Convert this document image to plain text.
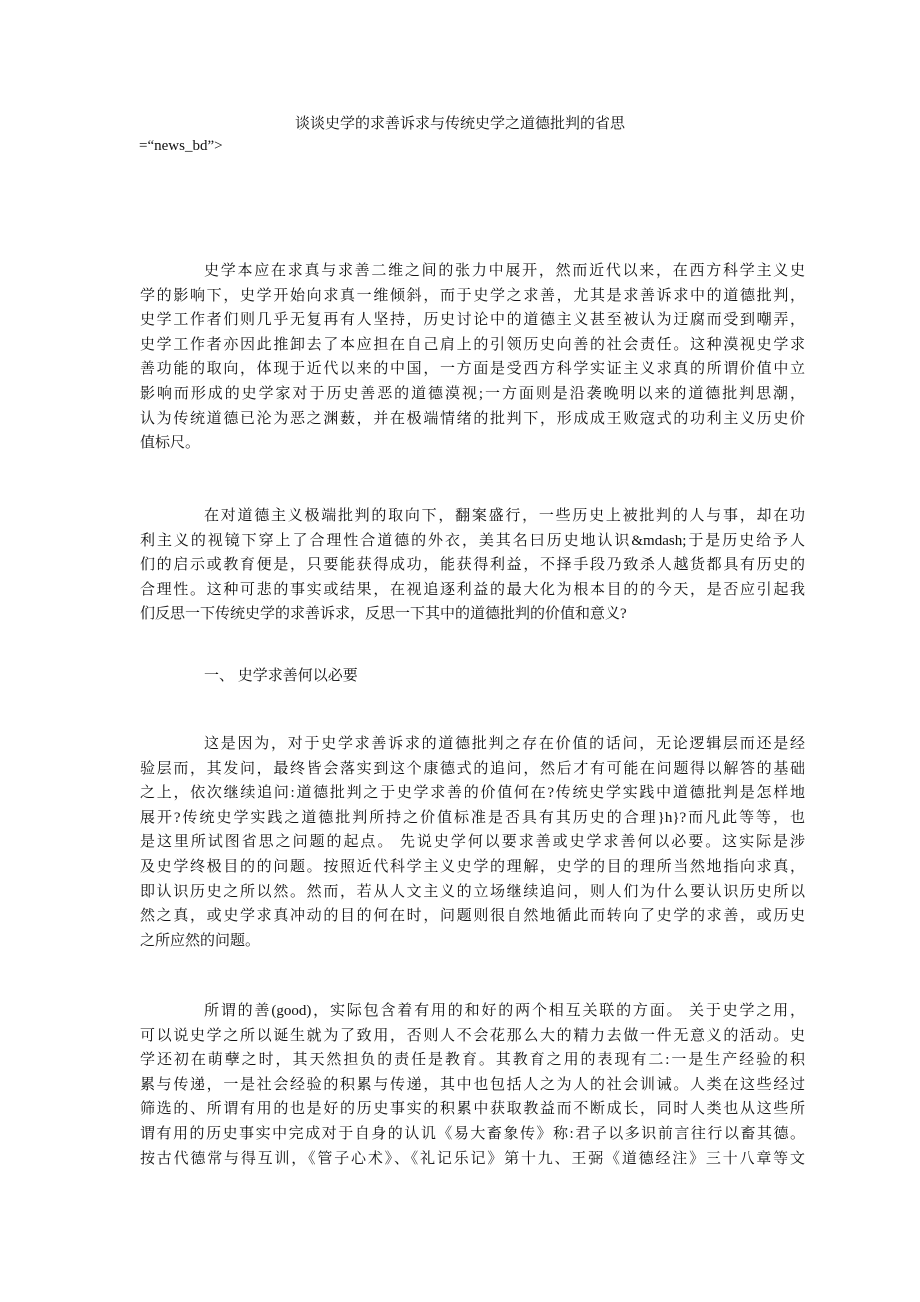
谈谈史学的求善诉求与传统史学之道德批判的省思
=“news_bd”>
史学本应在求真与求善二维之间的张力中展开，然而近代以来，在西方科学主义史
学的影响下，史学开始向求真一维倾斜，而于史学之求善，尤其是求善诉求中的道德批判，
史学工作者们则几乎无复再有人坚持，历史讨论中的道德主义甚至被认为迂腐而受到嘲弄，
史学工作者亦因此推卸去了本应担在自己肩上的引领历史向善的社会责任。这种漠视史学求
善功能的取向，体现于近代以来的中国，一方面是受西方科学实证主义求真的所谓价值中立
影响而形成的史学家对于历史善恶的道德漠视;一方面则是沿袭晚明以来的道德批判思潮，
认为传统道德已沦为恶之渊薮，并在极端情绪的批判下，形成成王败寇式的功利主义历史价
值标尺。
在对道德主义极端批判的取向下，翻案盛行，一些历史上被批判的人与事，却在功
利主义的视镜下穿上了合理性合道德的外衣，美其名曰历史地认识&mdash;于是历史给予人
们的启示或教育便是，只要能获得成功，能获得利益，不择手段乃致杀人越货都具有历史的
合理性。这种可悲的事实或结果，在视追逐利益的最大化为根本目的的今天，是否应引起我
们反思一下传统史学的求善诉求，反思一下其中的道德批判的价值和意义?
一、 史学求善何以必要
这是因为，对于史学求善诉求的道德批判之存在价值的话问，无论逻辑层而还是经
验层而，其发问，最终皆会落实到这个康德式的追问，然后才有可能在问题得以解答的基础
之上，依次继续追问:道德批判之于史学求善的价值何在?传统史学实践中道德批判是怎样地
展开?传统史学实践之道德批判所持之价值标准是否具有其历史的合理}h}?而凡此等等，也
是这里所试图省思之问题的起点。 先说史学何以要求善或史学求善何以必要。这实际是涉
及史学终极目的的问题。按照近代科学主义史学的理解，史学的目的理所当然地指向求真，
即认识历史之所以然。然而，若从人文主义的立场继续追问，则人们为什么要认识历史所以
然之真，或史学求真冲动的目的何在时，问题则很自然地循此而转向了史学的求善，或历史
之所应然的问题。
所谓的善(good)，实际包含着有用的和好的两个相互关联的方面。 关于史学之用，
可以说史学之所以诞生就为了致用，否则人不会花那么大的精力去做一件无意义的活动。史
学还初在萌孽之时，其天然担负的责任是教育。其教育之用的表现有二:一是生产经验的积
累与传递，一是社会经验的积累与传递，其中也包括人之为人的社会训诫。人类在这些经过
筛选的、所谓有用的也是好的历史事实的积累中获取教益而不断成长，同时人类也从这些所
谓有用的历史事实中完成对于自身的认讥《易大畜象传》称:君子以多识前言往行以畜其德。
按古代德常与得互训，《管子心术》、《礼记乐记》第十九、王弼《道德经注》三十八章等文
